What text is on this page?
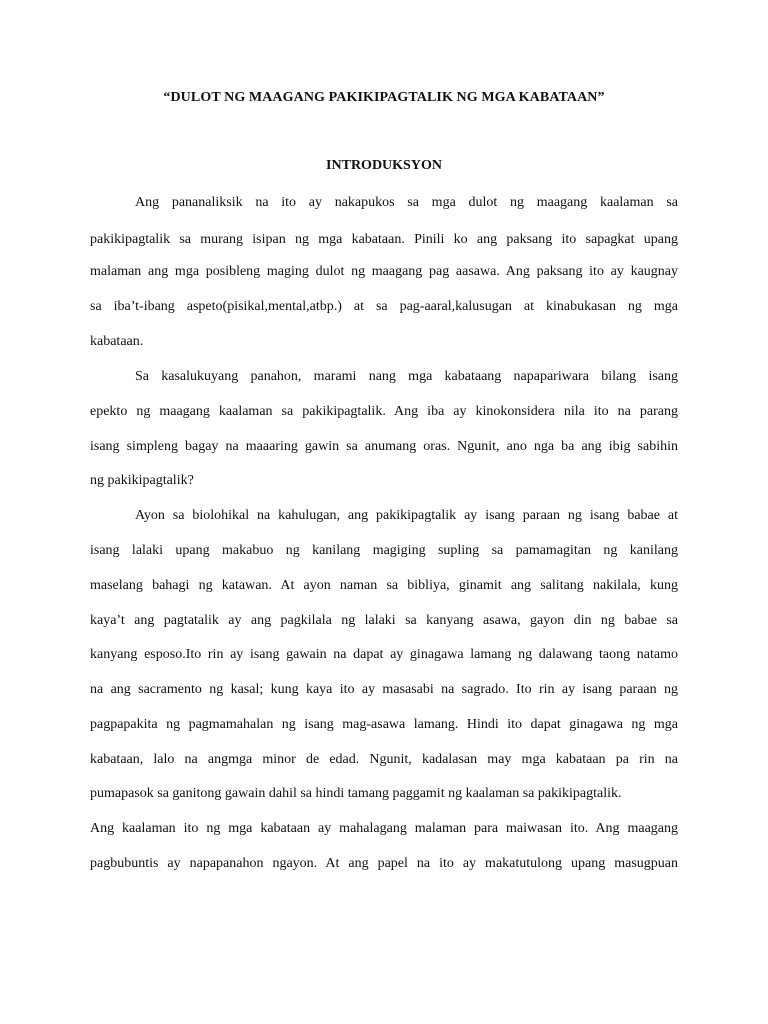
“DULOT NG MAAGANG PAKIKIPAGTALIK NG MGA KABATAAN”
INTRODUKSYON
Ang pananaliksik na ito ay nakapukos sa mga dulot ng maagang kaalaman sa
pakikipagtalik sa murang isipan ng mga kabataan. Pinili ko ang paksang ito sapagkat upang
malaman ang mga posibleng maging dulot ng maagang pag aasawa. Ang paksang ito ay kaugnay
sa iba’t-ibang aspeto(pisikal,mental,atbp.) at sa pag-aaral,kalusugan at kinabukasan ng mga
kabataan.
Sa kasalukuyang panahon, marami nang mga kabataang napapariwara bilang isang
epekto ng maagang kaalaman sa pakikipagtalik. Ang iba ay kinokonsidera nila ito na parang
isang simpleng bagay na maaaring gawin sa anumang oras. Ngunit, ano nga ba ang ibig sabihin
ng pakikipagtalik?
Ayon sa biolohikal na kahulugan, ang pakikipagtalik ay isang paraan ng isang babae at
isang lalaki upang makabuo ng kanilang magiging supling sa pamamagitan ng kanilang
maselang bahagi ng katawan. At ayon naman sa bibliya, ginamit ang salitang nakilala, kung
kaya’t ang pagtatalik ay ang pagkilala ng lalaki sa kanyang asawa, gayon din ng babae sa
kanyang esposo.Ito rin ay isang gawain na dapat ay ginagawa lamang ng dalawang taong natamo
na ang sacramento ng kasal; kung kaya ito ay masasabi na sagrado. Ito rin ay isang paraan ng
pagpapakita ng pagmamahalan ng isang mag-asawa lamang. Hindi ito dapat ginagawa ng mga
kabataan, lalo na angmga minor de edad. Ngunit, kadalasan may mga kabataan pa rin na
pumapasok sa ganitong gawain dahil sa hindi tamang paggamit ng kaalaman sa pakikipagtalik.
Ang kaalaman ito ng mga kabataan ay mahalagang malaman para maiwasan ito. Ang maagang
pagbubuntis ay napapanahon ngayon. At ang papel na ito ay makatutulong upang masugpuan
